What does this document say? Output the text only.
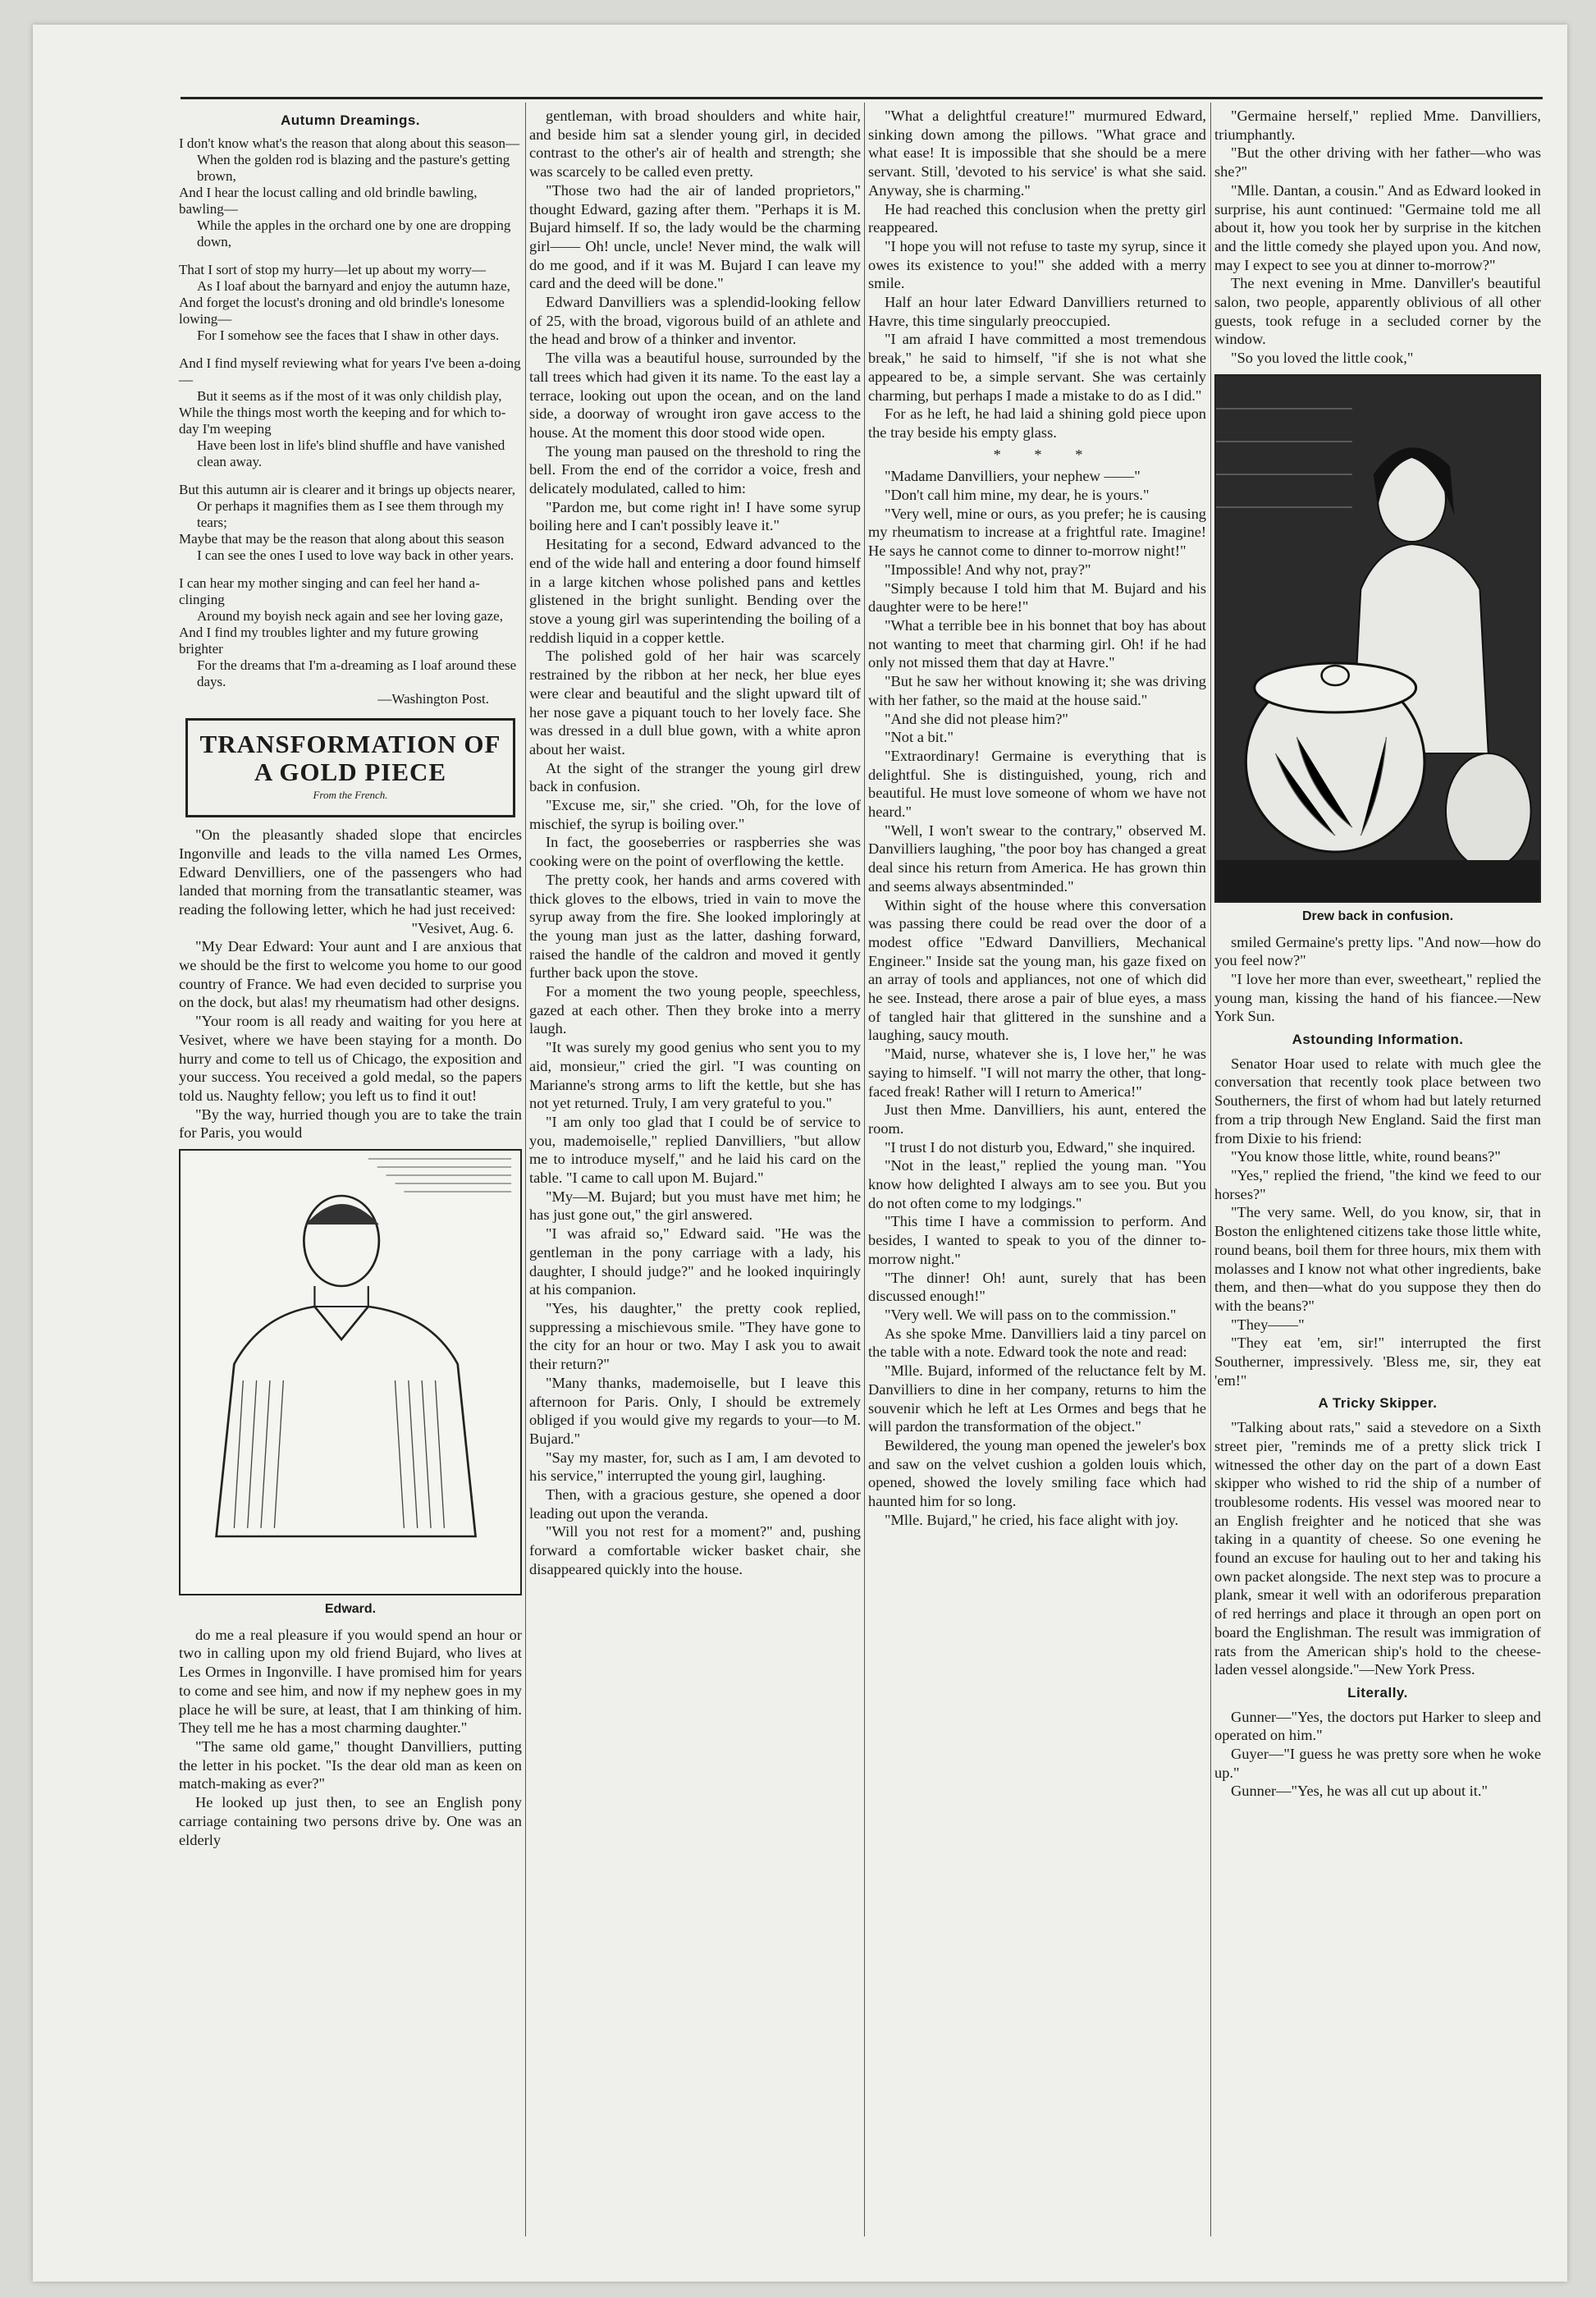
Autumn Dreamings.
I don't know what's the reason that along about this season—
When the golden rod is blazing and the pasture's getting brown,
And I hear the locust calling and old brindle bawling, bawling—
While the apples in the orchard one by one are dropping down,
That I sort of stop my hurry—let up about my worry—
As I loaf about the barnyard and enjoy the autumn haze,
And forget the locust's droning and old brindle's lonesome lowing—
For I somehow see the faces that I shaw in other days.
And I find myself reviewing what for years I've been a-doing—
But it seems as if the most of it was only childish play,
While the things most worth the keeping and for which to-day I'm weeping
Have been lost in life's blind shuffle and have vanished clean away.
But this autumn air is clearer and it brings up objects nearer,
Or perhaps it magnifies them as I see them through my tears;
Maybe that may be the reason that along about this season
I can see the ones I used to love way back in other years.
I can hear my mother singing and can feel her hand a-clinging
Around my boyish neck again and see her loving gaze,
And I find my troubles lighter and my future growing brighter
For the dreams that I'm a-dreaming as I loaf around these days.
—Washington Post.
TRANSFORMATION OF A GOLD PIECE
From the French.

"On the pleasantly shaded slope that encircles Ingonville and leads to the villa named Les Ormes, Edward Denvilliers, one of the passengers who had landed that morning from the transatlantic steamer, was reading the following letter, which he had just received:

"Vesivet, Aug. 6.

"My Dear Edward: Your aunt and I are anxious that we should be the first to welcome you home to our good country of France. We had even decided to surprise you on the dock, but alas! my rheumatism had other designs.

"Your room is all ready and waiting for you here at Vesivet, where we have been staying for a month. Do hurry and come to tell us of Chicago, the exposition and your success. You received a gold medal, so the papers told us. Naughty fellow; you left us to find it out!

"By the way, hurried though you are to take the train for Paris, you would

Edward.

do me a real pleasure if you would spend an hour or two in calling upon my old friend Bujard, who lives at Les Ormes in Ingonville. I have promised him for years to come and see him, and now if my nephew goes in my place he will be sure, at least, that I am thinking of him. They tell me he has a most charming daughter."

"The same old game," thought Danvilliers, putting the letter in his pocket. "Is the dear old man as keen on match-making as ever?"

He looked up just then, to see an English pony carriage containing two persons drive by. One was an elderly

gentleman, with broad shoulders and white hair, and beside him sat a slender young girl, in decided contrast to the other's air of health and strength; she was scarcely to be called even pretty.

"Those two had the air of landed proprietors," thought Edward, gazing after them. "Perhaps it is M. Bujard himself. If so, the lady would be the charming girl—— Oh! uncle, uncle! Never mind, the walk will do me good, and if it was M. Bujard I can leave my card and the deed will be done."

Edward Danvilliers was a splendid-looking fellow of 25, with the broad, vigorous build of an athlete and the head and brow of a thinker and inventor.

The villa was a beautiful house, surrounded by the tall trees which had given it its name. To the east lay a terrace, looking out upon the ocean, and on the land side, a doorway of wrought iron gave access to the house. At the moment this door stood wide open.

The young man paused on the threshold to ring the bell. From the end of the corridor a voice, fresh and delicately modulated, called to him:

"Pardon me, but come right in! I have some syrup boiling here and I can't possibly leave it."

Hesitating for a second, Edward advanced to the end of the wide hall and entering a door found himself in a large kitchen whose polished pans and kettles glistened in the bright sunlight. Bending over the stove a young girl was superintending the boiling of a reddish liquid in a copper kettle.

The polished gold of her hair was scarcely restrained by the ribbon at her neck, her blue eyes were clear and beautiful and the slight upward tilt of her nose gave a piquant touch to her lovely face. She was dressed in a dull blue gown, with a white apron about her waist.

At the sight of the stranger the young girl drew back in confusion.

"Excuse me, sir," she cried. "Oh, for the love of mischief, the syrup is boiling over."

In fact, the gooseberries or raspberries she was cooking were on the point of overflowing the kettle.

The pretty cook, her hands and arms covered with thick gloves to the elbows, tried in vain to move the syrup away from the fire. She looked imploringly at the young man just as the latter, dashing forward, raised the handle of the caldron and moved it gently further back upon the stove.

For a moment the two young people, speechless, gazed at each other. Then they broke into a merry laugh.

"It was surely my good genius who sent you to my aid, monsieur," cried the girl. "I was counting on Marianne's strong arms to lift the kettle, but she has not yet returned. Truly, I am very grateful to you."

"I am only too glad that I could be of service to you, mademoiselle," replied Danvilliers, "but allow me to introduce myself," and he laid his card on the table. "I came to call upon M. Bujard."

"My—M. Bujard; but you must have met him; he has just gone out," the girl answered.

"I was afraid so," Edward said. "He was the gentleman in the pony carriage with a lady, his daughter, I should judge?" and he looked inquiringly at his companion.

"Yes, his daughter," the pretty cook replied, suppressing a mischievous smile. "They have gone to the city for an hour or two. May I ask you to await their return?"

"Many thanks, mademoiselle, but I leave this afternoon for Paris. Only, I should be extremely obliged if you would give my regards to your—to M. Bujard."

"Say my master, for, such as I am, I am devoted to his service," interrupted the young girl, laughing.

Then, with a gracious gesture, she opened a door leading out upon the veranda.

"Will you not rest for a moment?" and, pushing forward a comfortable wicker basket chair, she disappeared quickly into the house.

"What a delightful creature!" murmured Edward, sinking down among the pillows. "What grace and what ease! It is impossible that she should be a mere servant. Still, 'devoted to his service' is what she said. Anyway, she is charming."

He had reached this conclusion when the pretty girl reappeared.

"I hope you will not refuse to taste my syrup, since it owes its existence to you!" she added with a merry smile.

Half an hour later Edward Danvilliers returned to Havre, this time singularly preoccupied.

"I am afraid I have committed a most tremendous break," he said to himself, "if she is not what she appeared to be, a simple servant. She was certainly charming, but perhaps I made a mistake to do as I did."

For as he left, he had laid a shining gold piece upon the tray beside his empty glass.

* * *

"Madame Danvilliers, your nephew ——"

"Don't call him mine, my dear, he is yours."

"Very well, mine or ours, as you prefer; he is causing my rheumatism to increase at a frightful rate. Imagine! He says he cannot come to dinner to-morrow night!"

"Impossible! And why not, pray?"

"Simply because I told him that M. Bujard and his daughter were to be here!"

"What a terrible bee in his bonnet that boy has about not wanting to meet that charming girl. Oh! if he had only not missed them that day at Havre."

"But he saw her without knowing it; she was driving with her father, so the maid at the house said."

"And she did not please him?"

"Not a bit."

"Extraordinary! Germaine is everything that is delightful. She is distinguished, young, rich and beautiful. He must love someone of whom we have not heard."

"Well, I won't swear to the contrary," observed M. Danvilliers laughing, "the poor boy has changed a great deal since his return from America. He has grown thin and seems always absentminded."

Within sight of the house where this conversation was passing there could be read over the door of a modest office "Edward Danvilliers, Mechanical Engineer." Inside sat the young man, his gaze fixed on an array of tools and appliances, not one of which did he see. Instead, there arose a pair of blue eyes, a mass of tangled hair that glittered in the sunshine and a laughing, saucy mouth.

"Maid, nurse, whatever she is, I love her," he was saying to himself. "I will not marry the other, that long-faced freak! Rather will I return to America!"

Just then Mme. Danvilliers, his aunt, entered the room.

"I trust I do not disturb you, Edward," she inquired.

"Not in the least," replied the young man. "You know how delighted I always am to see you. But you do not often come to my lodgings."

"This time I have a commission to perform. And besides, I wanted to speak to you of the dinner to-morrow night."

"The dinner! Oh! aunt, surely that has been discussed enough!"

"Very well. We will pass on to the commission."

As she spoke Mme. Danvilliers laid a tiny parcel on the table with a note. Edward took the note and read:

"Mlle. Bujard, informed of the reluctance felt by M. Danvilliers to dine in her company, returns to him the souvenir which he left at Les Ormes and begs that he will pardon the transformation of the object."

Bewildered, the young man opened the jeweler's box and saw on the velvet cushion a golden louis which, opened, showed the lovely smiling face which had haunted him for so long.

"Mlle. Bujard," he cried, his face alight with joy.

"Germaine herself," replied Mme. Danvilliers, triumphantly.

"But the other driving with her father—who was she?"

"Mlle. Dantan, a cousin." And as Edward looked in surprise, his aunt continued: "Germaine told me all about it, how you took her by surprise in the kitchen and the little comedy she played upon you. And now, may I expect to see you at dinner to-morrow?"

The next evening in Mme. Danviller's beautiful salon, two people, apparently oblivious of all other guests, took refuge in a secluded corner by the window.

"So you loved the little cook,"

Drew back in confusion.

smiled Germaine's pretty lips. "And now—how do you feel now?"

"I love her more than ever, sweetheart," replied the young man, kissing the hand of his fiancee.—New York Sun.

Astounding Information.

Senator Hoar used to relate with much glee the conversation that recently took place between two Southerners, the first of whom had but lately returned from a trip through New England. Said the first man from Dixie to his friend:

"You know those little, white, round beans?"

"Yes," replied the friend, "the kind we feed to our horses?"

"The very same. Well, do you know, sir, that in Boston the enlightened citizens take those little white, round beans, boil them for three hours, mix them with molasses and I know not what other ingredients, bake them, and then—what do you suppose they then do with the beans?"

"They——"

"They eat 'em, sir!" interrupted the first Southerner, impressively. 'Bless me, sir, they eat 'em!"

A Tricky Skipper.

"Talking about rats," said a stevedore on a Sixth street pier, "reminds me of a pretty slick trick I witnessed the other day on the part of a down East skipper who wished to rid the ship of a number of troublesome rodents. His vessel was moored near to an English freighter and he noticed that she was taking in a quantity of cheese. So one evening he found an excuse for hauling out to her and taking his own packet alongside. The next step was to procure a plank, smear it well with an odoriferous preparation of red herrings and place it through an open port on board the Englishman. The result was immigration of rats from the American ship's hold to the cheese-laden vessel alongside."—New York Press.

Literally.

Gunner—"Yes, the doctors put Harker to sleep and operated on him."

Guyer—"I guess he was pretty sore when he woke up."

Gunner—"Yes, he was all cut up about it."
